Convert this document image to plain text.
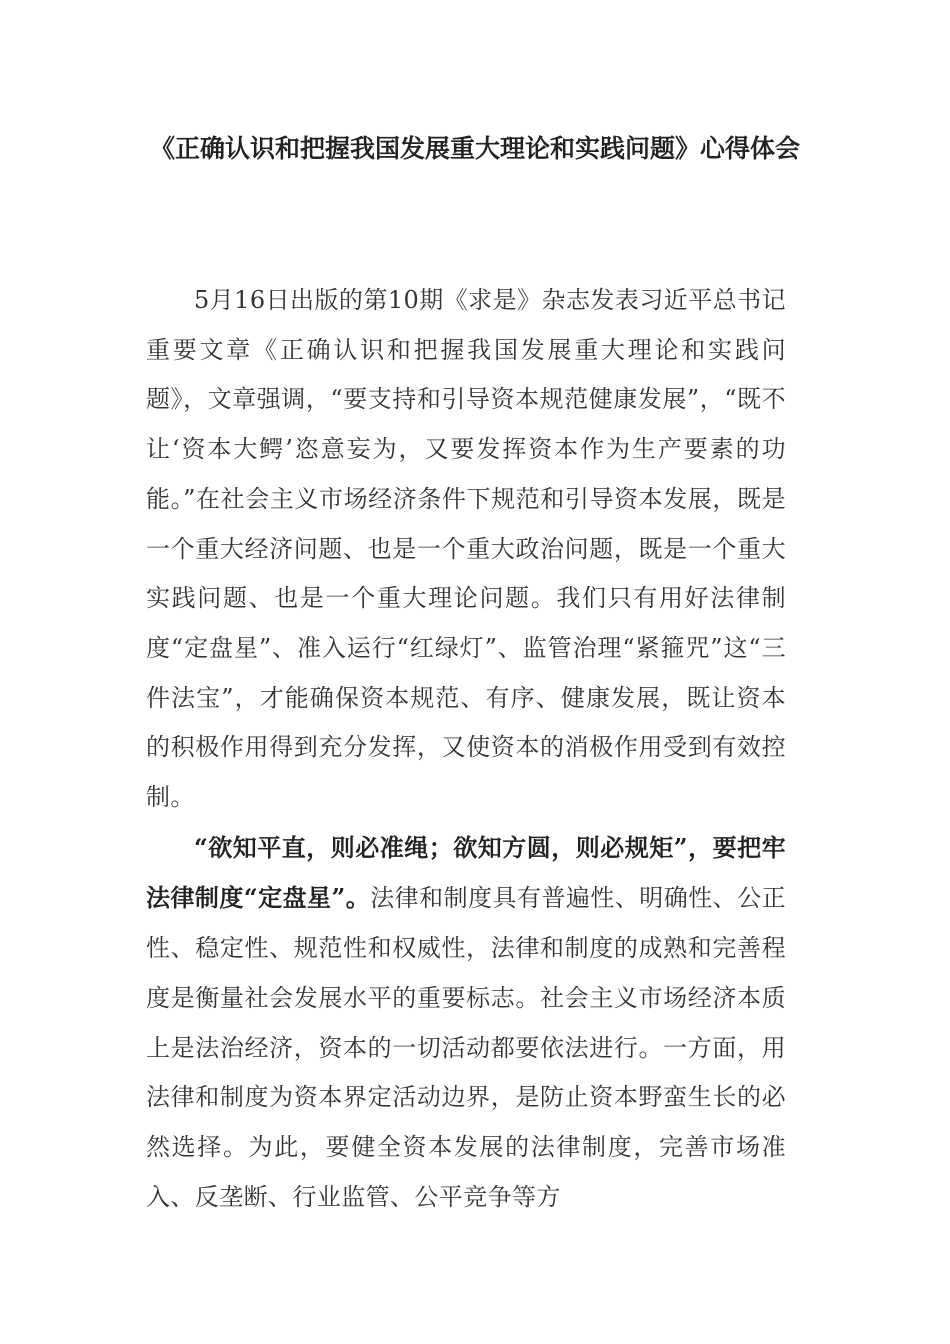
《正确认识和把握我国发展重大理论和实践问题》心得体会

5月16日出版的第10期《求是》杂志发表习近平总书记重要文章《正确认识和把握我国发展重大理论和实践问题》，文章强调，“要支持和引导资本规范健康发展”，“既不让‘资本大鳄’恣意妄为，又要发挥资本作为生产要素的功能。”在社会主义市场经济条件下规范和引导资本发展，既是一个重大经济问题、也是一个重大政治问题，既是一个重大实践问题、也是一个重大理论问题。我们只有用好法律制度“定盘星”、准入运行“红绿灯”、监管治理“紧箍咒”这“三件法宝”，才能确保资本规范、有序、健康发展，既让资本的积极作用得到充分发挥，又使资本的消极作用受到有效控制。

“欲知平直，则必准绳；欲知方圆，则必规矩”，要把牢法律制度“定盘星”。法律和制度具有普遍性、明确性、公正性、稳定性、规范性和权威性，法律和制度的成熟和完善程度是衡量社会发展水平的重要标志。社会主义市场经济本质上是法治经济，资本的一切活动都要依法进行。一方面，用法律和制度为资本界定活动边界，是防止资本野蛮生长的必然选择。为此，要健全资本发展的法律制度，完善市场准入、反垄断、行业监管、公平竞争等方
